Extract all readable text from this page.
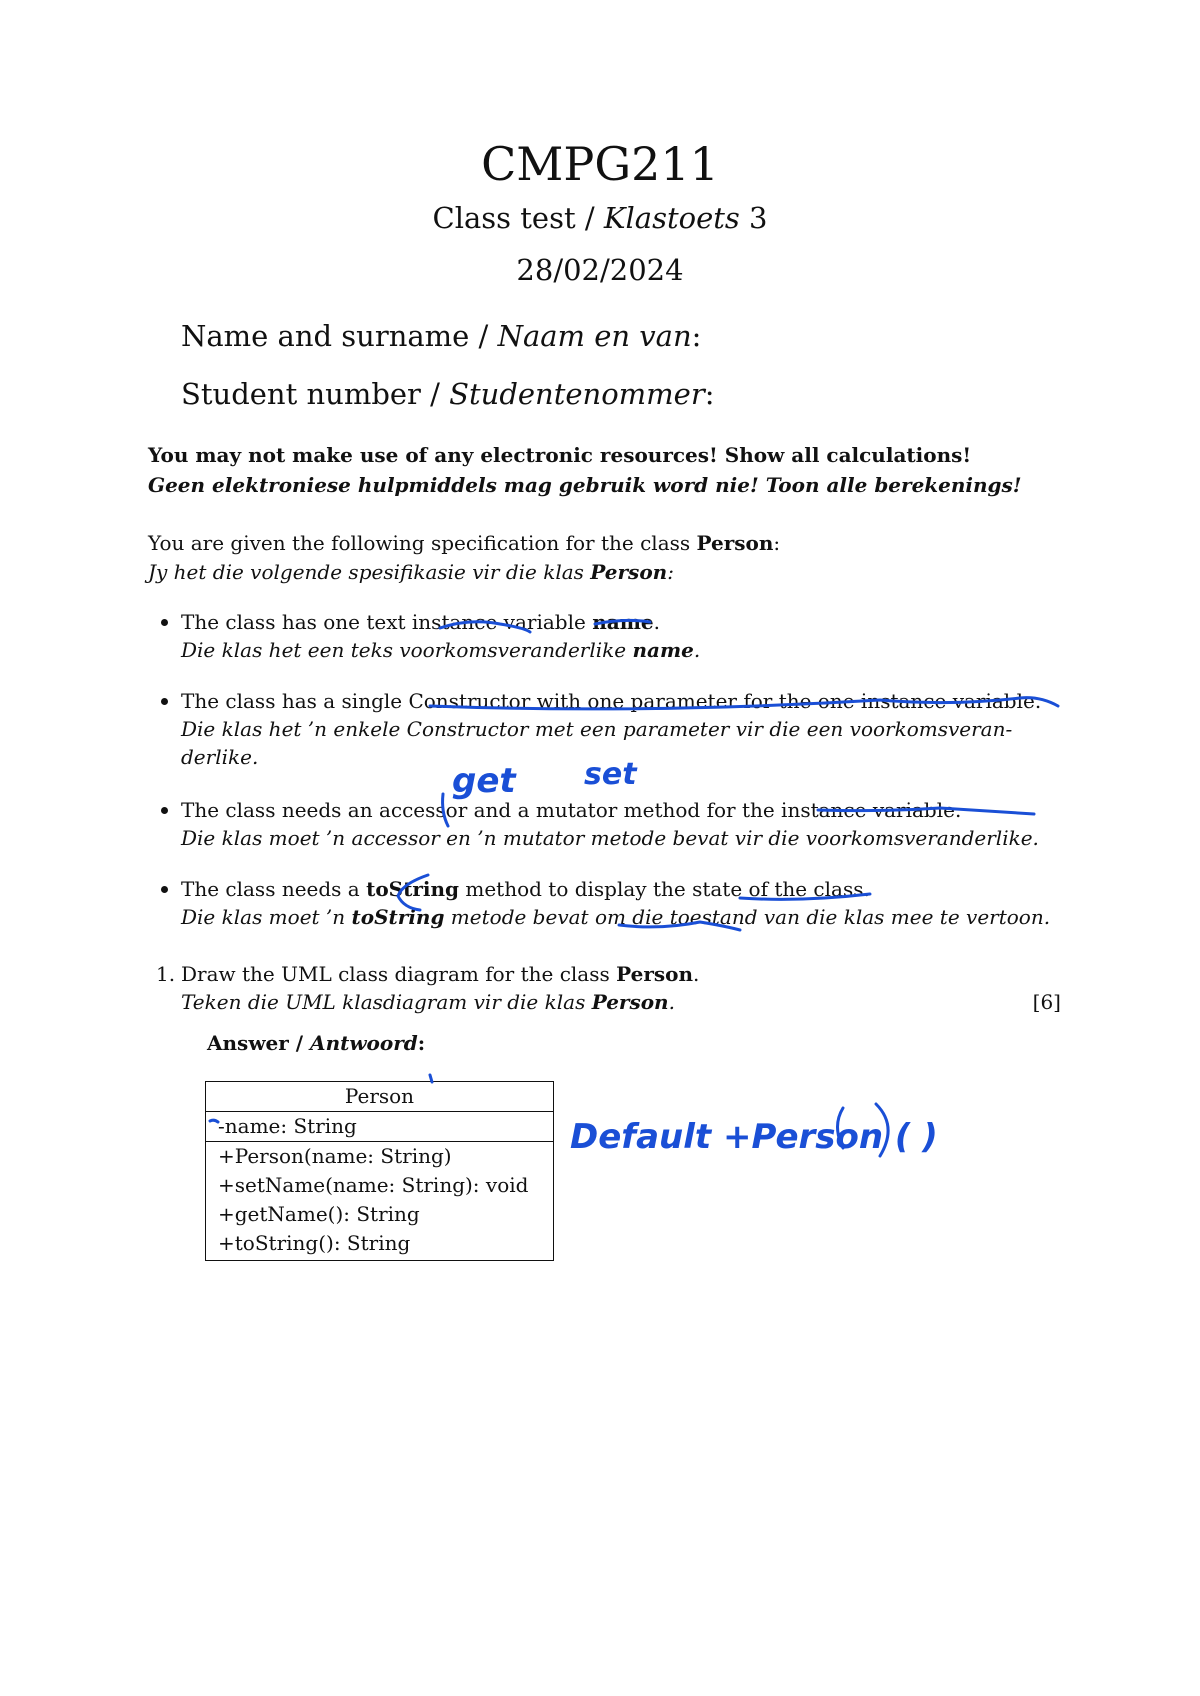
CMPG211
Class test / Klastoets 3
28/02/2024
Name and surname / Naam en van:
Student number / Studentenommer:
You may not make use of any electronic resources! Show all calculations!
Geen elektroniese hulpmiddels mag gebruik word nie! Toon alle berekenings!
You are given the following specification for the class Person:
Jy het die volgende spesifikasie vir die klas Person:
The class has one text instance variable name.
Die klas het een teks voorkomsveranderlike name.
The class has a single Constructor with one parameter for the one instance variable.
Die klas het ’n enkele Constructor met een parameter vir die een voorkomsveran-
derlike.
The class needs an accessor and a mutator method for the instance variable.
Die klas moet ’n accessor en ’n mutator metode bevat vir die voorkomsveranderlike.
The class needs a toString method to display the state of the class.
Die klas moet ’n toString metode bevat om die toestand van die klas mee te vertoon.
1. Draw the UML class diagram for the class Person.
Teken die UML klasdiagram vir die klas Person.	[6]
Answer / Antwoord:
Person
-name: String
+Person(name: String)
+setName(name: String): void
+getName(): String
+toString(): String
get set
Default +Person ( )
